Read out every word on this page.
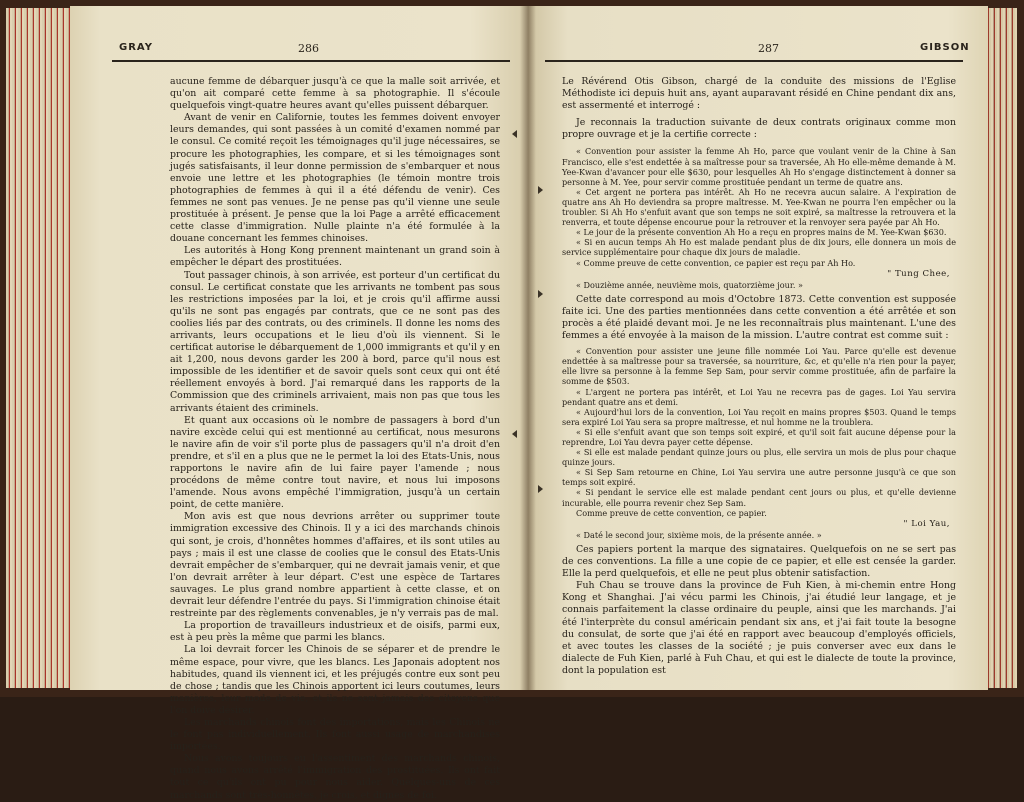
GRAY	286	287	GIBSON

aucune femme de débarquer jusqu'à ce que la malle soit arrivée, et qu'on ait comparé cette femme à sa photographie. Il s'écoule quelquefois vingt-quatre heures avant qu'elles puissent débarquer.

Avant de venir en Californie, toutes les femmes doivent envoyer leurs demandes, qui sont passées à un comité d'examen nommé par le consul. Ce comité reçoit les témoignages qu'il juge nécessaires, se procure les photographies, les compare, et si les témoignages sont jugés satisfaisants, il leur donne permission de s'embarquer et nous envoie une lettre et les photographies (le témoin montre trois photographies de femmes à qui il a été défendu de venir). Ces femmes ne sont pas venues. Je ne pense pas qu'il vienne une seule prostituée à présent. Je pense que la loi Page a arrêté efficacement cette classe d'immigration. Nulle plainte n'a été formulée à la douane concernant les femmes chinoises.

Les autorités à Hong Kong prennent maintenant un grand soin à empêcher le départ des prostituées.

Tout passager chinois, à son arrivée, est porteur d'un certificat du consul. Le certificat constate que les arrivants ne tombent pas sous les restrictions imposées par la loi, et je crois qu'il affirme aussi qu'ils ne sont pas engagés par contrats, que ce ne sont pas des coolies liés par des contrats, ou des criminels. Il donne les noms des arrivants, leurs occupations et le lieu d'où ils viennent. Si le certificat autorise le débarquement de 1,000 immigrants et qu'il y en ait 1,200, nous devons garder les 200 à bord, parce qu'il nous est impossible de les identifier et de savoir quels sont ceux qui ont été réellement envoyés à bord. J'ai remarqué dans les rapports de la Commission que des criminels arrivaient, mais non pas que tous les arrivants étaient des criminels.

Et quant aux occasions où le nombre de passagers à bord d'un navire excède celui qui est mentionné au certificat, nous mesurons le navire afin de voir s'il porte plus de passagers qu'il n'a droit d'en prendre, et s'il en a plus que ne le permet la loi des Etats-Unis, nous rapportons le navire afin de lui faire payer l'amende ; nous procédons de même contre tout navire, et nous lui imposons l'amende. Nous avons empêché l'immigration, jusqu'à un certain point, de cette manière.

Mon avis est que nous devrions arrêter ou supprimer toute immigration excessive des Chinois. Il y a ici des marchands chinois qui sont, je crois, d'honnêtes hommes d'affaires, et ils sont utiles au pays ; mais il est une classe de coolies que le consul des Etats-Unis devrait empêcher de s'embarquer, qui ne devrait jamais venir, et que l'on devrait arrêter à leur départ. C'est une espèce de Tartares sauvages. Le plus grand nombre appartient à cette classe, et on devrait leur défendre l'entrée du pays. Si l'immigration chinoise était restreinte par des règlements convenables, je n'y verrais pas de mal.

La proportion de travailleurs industrieux et de oisifs, parmi eux, est à peu près la même que parmi les blancs.

La loi devrait forcer les Chinois de se séparer et de prendre le même espace, pour vivre, que les blancs. Les Japonais adoptent nos habitudes, quand ils viennent ici, et les préjugés contre eux sont peu de chose ; tandis que les Chinois apportent ici leurs coutumes, leurs manières, leur mode de vie, et ils ne sont jamais des citoyens que l'on doive désirer.

Les marchands chinois font des importations, mais les Chinois ne le font pas individuellement. Ils font aussi usage de marchandises importées.

Nous avons toujours eu l'assentiment des marchands chinois, quand nous avons arrêté l'immigration des prostituées. Ils ont fait tout ce qu'ils ont pu pour nous aider. Quelques-uns de ces marchands sont très-honnêtes, je crois, et dignes de foi.

Le Révérend Otis Gibson, chargé de la conduite des missions de l'Eglise Méthodiste ici depuis huit ans, ayant auparavant résidé en Chine pendant dix ans, est assermenté et interrogé :

Je reconnais la traduction suivante de deux contrats originaux comme mon propre ouvrage et je la certifie correcte :

« Convention pour assister la femme Ah Ho, parce que voulant venir de la Chine à San Francisco, elle s'est endettée à sa maîtresse pour sa traversée, Ah Ho elle-même demande à M. Yee-Kwan d'avancer pour elle $630, pour lesquelles Ah Ho s'engage distinctement à donner sa personne à M. Yee, pour servir comme prostituée pendant un terme de quatre ans.

« Cet argent ne portera pas intérêt. Ah Ho ne recevra aucun salaire. A l'expiration de quatre ans Ah Ho deviendra sa propre maîtresse. M. Yee-Kwan ne pourra l'en empêcher ou la troubler. Si Ah Ho s'enfuit avant que son temps ne soit expiré, sa maîtresse la retrouvera et la renverra, et toute dépense encourue pour la retrouver et la renvoyer sera payée par Ah Ho.

« Le jour de la présente convention Ah Ho a reçu en propres mains de M. Yee-Kwan $630.

« Si en aucun temps Ah Ho est malade pendant plus de dix jours, elle donnera un mois de service supplémentaire pour chaque dix jours de maladie.

« Comme preuve de cette convention, ce papier est reçu par Ah Ho.

" Tung Chee,

« Douzième année, neuvième mois, quatorzième jour. »

Cette date correspond au mois d'Octobre 1873. Cette convention est supposée faite ici. Une des parties mentionnées dans cette convention a été arrêtée et son procès a été plaidé devant moi. Je ne les reconnaîtrais plus maintenant. L'une des femmes a été envoyée à la maison de la mission. L'autre contrat est comme suit :

« Convention pour assister une jeune fille nommée Loi Yau. Parce qu'elle est devenue endettée à sa maîtresse pour sa traversée, sa nourriture, &c, et qu'elle n'a rien pour la payer, elle livre sa personne à la femme Sep Sam, pour servir comme prostituée, afin de parfaire la somme de $503.

« L'argent ne portera pas intérêt, et Loi Yau ne recevra pas de gages. Loi Yau servira pendant quatre ans et demi.

« Aujourd'hui lors de la convention, Loi Yau reçoit en mains propres $503. Quand le temps sera expiré Loi Yau sera sa propre maîtresse, et nul homme ne la troublera.

« Si elle s'enfuit avant que son temps soit expiré, et qu'il soit fait aucune dépense pour la reprendre, Loi Yau devra payer cette dépense.

« Si elle est malade pendant quinze jours ou plus, elle servira un mois de plus pour chaque quinze jours.

« Si Sep Sam retourne en Chine, Loi Yau servira une autre personne jusqu'à ce que son temps soit expiré.

« Si pendant le service elle est malade pendant cent jours ou plus, et qu'elle devienne incurable, elle pourra revenir chez Sep Sam.

Comme preuve de cette convention, ce papier.

" Loi Yau,

« Daté le second jour, sixième mois, de la présente année. »

Ces papiers portent la marque des signataires. Quelquefois on ne se sert pas de ces conventions. La fille a une copie de ce papier, et elle est censée la garder. Elle la perd quelquefois, et elle ne peut plus obtenir satisfaction.

Fuh Chau se trouve dans la province de Fuh Kien, à mi-chemin entre Hong Kong et Shanghai. J'ai vécu parmi les Chinois, j'ai étudié leur langage, et je connais parfaitement la classe ordinaire du peuple, ainsi que les marchands. J'ai été l'interprète du consul américain pendant six ans, et j'ai fait toute la besogne du consulat, de sorte que j'ai été en rapport avec beaucoup d'employés officiels, et avec toutes les classes de la société ; je puis converser avec eux dans le dialecte de Fuh Kien, parlé à Fuh Chau, et qui est le dialecte de toute la province, dont la population est
